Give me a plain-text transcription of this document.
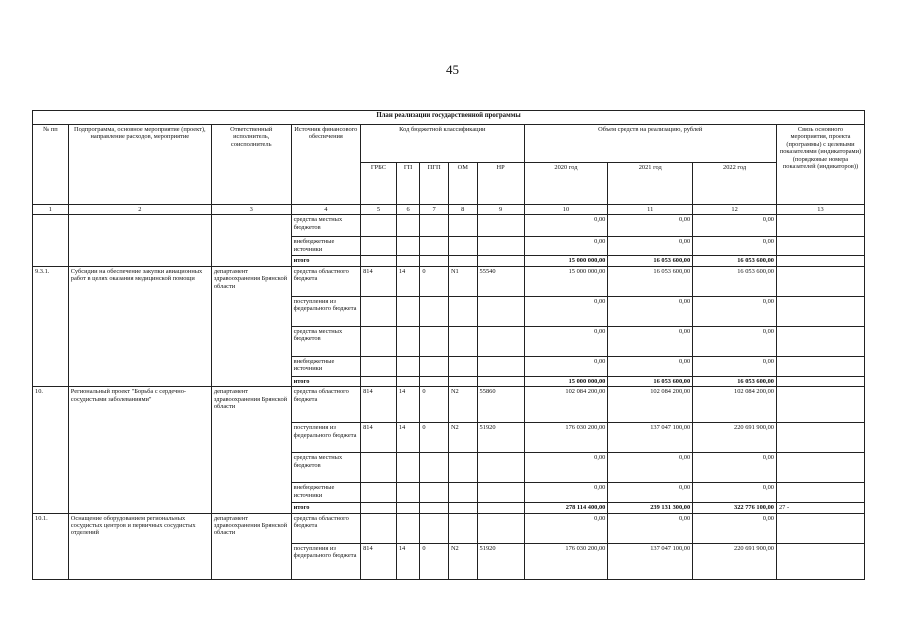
45
План реализации государственной программы												
№ пп	Подпрограмма, основное мероприятие (проект), направление расходов, мероприятие	Ответственный исполнитель, соисполнитель	Источник финансового обеспечения	Код бюджетной классификации					Объем средств на реализацию, рублей			Связь основного мероприятия, проекта (программы) с целевыми показателями (индикаторами) (порядковые номера показателей (индикаторов))
				ГРБС	ГП	ПГП	ОМ	НР	2020 год	2021 год	2022 год	
1	2	3	4	5	6	7	8	9	10	11	12	13
			средства местных бюджетов						0,00	0,00	0,00	
			внебюджетные источники						0,00	0,00	0,00	
			итого						15 000 000,00	16 053 600,00	16 053 600,00	
9.3.1.	Субсидии на обеспечение закупки авиационных работ в целях оказания медицинской помощи	департамент здравоохранения Брянской области	средства областного бюджета	814	14	0	N1	55540	15 000 000,00	16 053 600,00	16 053 600,00	
			поступления из федерального бюджета						0,00	0,00	0,00	
			средства местных бюджетов						0,00	0,00	0,00	
			внебюджетные источники						0,00	0,00	0,00	
			итого						15 000 000,00	16 053 600,00	16 053 600,00	
10.	Региональный проект "Борьба с сердечно-сосудистыми заболеваниями"	департамент здравоохранения Брянской области	средства областного бюджета	814	14	0	N2	55860	102 084 200,00	102 084 200,00	102 084 200,00	
			поступления из федерального бюджета	814	14	0	N2	51920	176 030 200,00	137 047 100,00	220 691 900,00	
			средства местных бюджетов						0,00	0,00	0,00	
			внебюджетные источники						0,00	0,00	0,00	
			итого						278 114 400,00	239 131 300,00	322 776 100,00	27 -
10.1.	Оснащение оборудованием региональных сосудистых центров и первичных сосудистых отделений	департамент здравоохранения Брянской области	средства областного бюджета						0,00	0,00	0,00	
			поступления из федерального бюджета	814	14	0	N2	51920	176 030 200,00	137 047 100,00	220 691 900,00	
